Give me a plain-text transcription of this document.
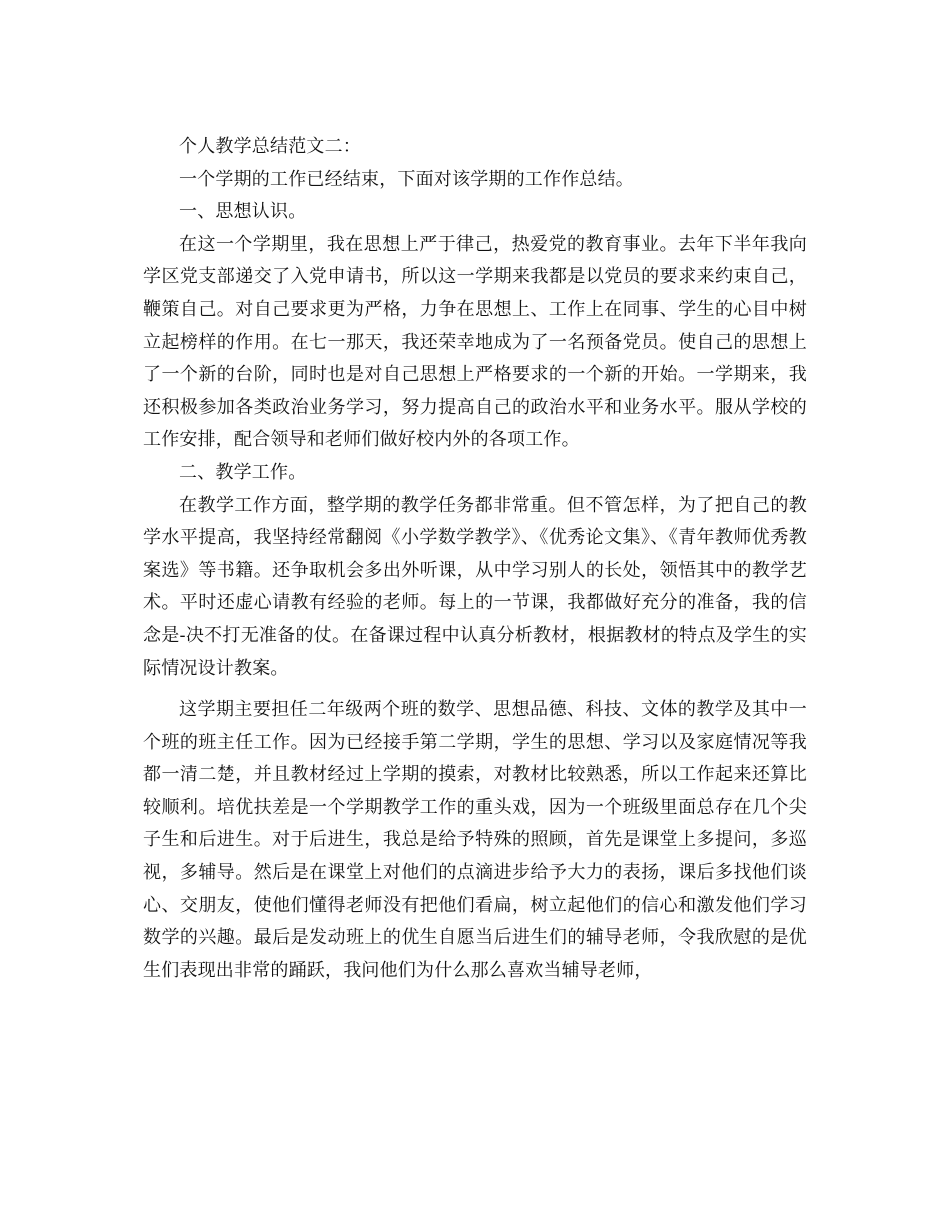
个人教学总结范文二：

一个学期的工作已经结束，下面对该学期的工作作总结。

一、思想认识。

在这一个学期里，我在思想上严于律己，热爱党的教育事业。去年下半年我向学区党支部递交了入党申请书，所以这一学期来我都是以党员的要求来约束自己，鞭策自己。对自己要求更为严格，力争在思想上、工作上在同事、学生的心目中树立起榜样的作用。在七一那天，我还荣幸地成为了一名预备党员。使自己的思想上了一个新的台阶，同时也是对自己思想上严格要求的一个新的开始。一学期来，我还积极参加各类政治业务学习，努力提高自己的政治水平和业务水平。服从学校的工作安排，配合领导和老师们做好校内外的各项工作。

二、教学工作。

在教学工作方面，整学期的教学任务都非常重。但不管怎样，为了把自己的教学水平提高，我坚持经常翻阅《小学数学教学》、《优秀论文集》、《青年教师优秀教案选》等书籍。还争取机会多出外听课，从中学习别人的长处，领悟其中的教学艺术。平时还虚心请教有经验的老师。每上的一节课，我都做好充分的准备，我的信念是-决不打无准备的仗。在备课过程中认真分析教材，根据教材的特点及学生的实际情况设计教案。

这学期主要担任二年级两个班的数学、思想品德、科技、文体的教学及其中一个班的班主任工作。因为已经接手第二学期，学生的思想、学习以及家庭情况等我都一清二楚，并且教材经过上学期的摸索，对教材比较熟悉，所以工作起来还算比较顺利。培优扶差是一个学期教学工作的重头戏，因为一个班级里面总存在几个尖子生和后进生。对于后进生，我总是给予特殊的照顾，首先是课堂上多提问，多巡视，多辅导。然后是在课堂上对他们的点滴进步给予大力的表扬，课后多找他们谈心、交朋友，使他们懂得老师没有把他们看扁，树立起他们的信心和激发他们学习数学的兴趣。最后是发动班上的优生自愿当后进生们的辅导老师，令我欣慰的是优生们表现出非常的踊跃，我问他们为什么那么喜欢当辅导老师，
